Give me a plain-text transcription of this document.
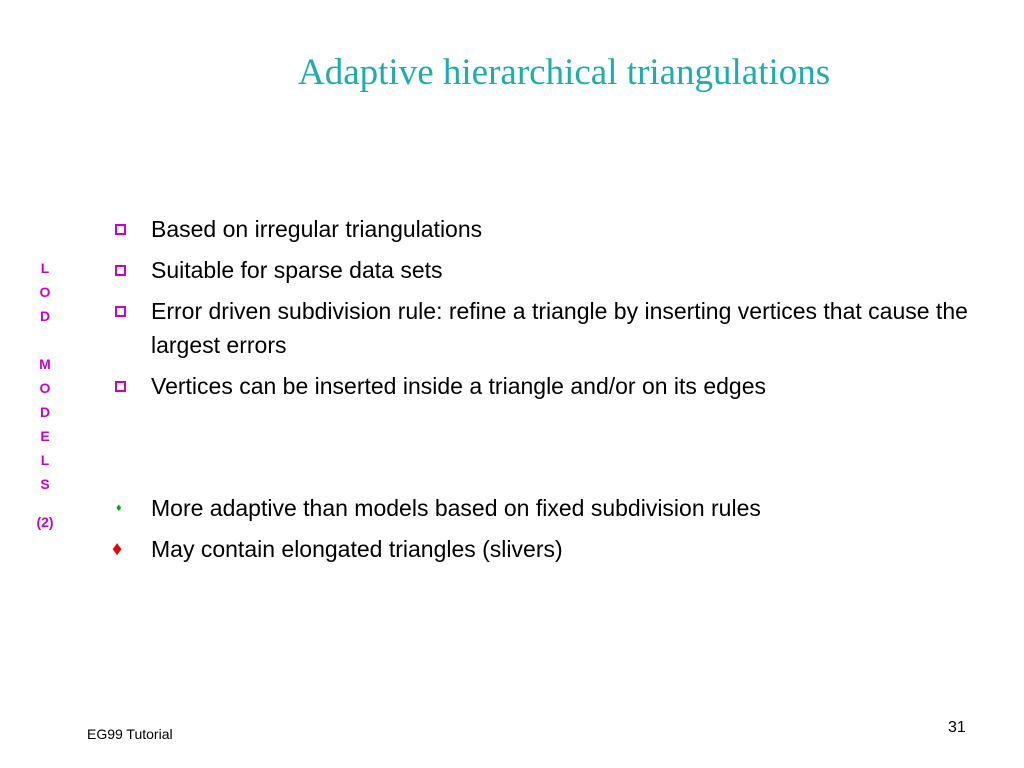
Adaptive hierarchical triangulations
L
O
D
M
O
D
E
L
S
(2)
Based on irregular triangulations
Suitable for sparse data sets
Error driven subdivision rule: refine a triangle by inserting vertices that cause the largest errors
Vertices can be inserted inside a triangle and/or on its edges
♦	More adaptive than models based on fixed subdivision rules
♦	May contain elongated triangles (slivers)
EG99 Tutorial	31
